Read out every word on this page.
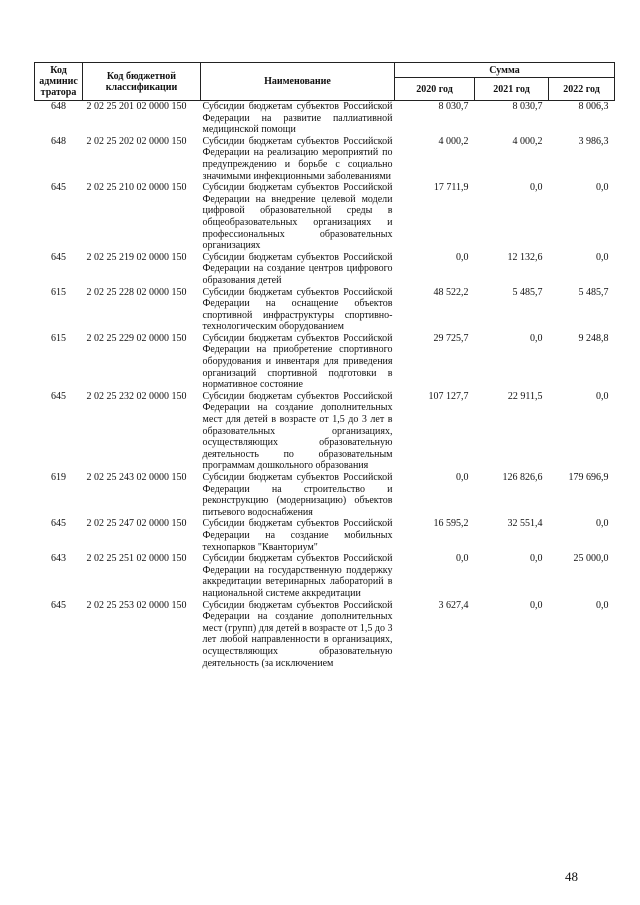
Код
админис
тратора	Код бюджетной классификации	Наименование	Сумма		
			2020 год	2021 год	2022 год
648	2 02 25 201 02 0000 150	Субсидии бюджетам субъектов Российской Федерации на развитие паллиативной медицинской помощи	8 030,7	8 030,7	8 006,3
648	2 02 25 202 02 0000 150	Субсидии бюджетам субъектов Российской Федерации на реализацию мероприятий по предупреждению и борьбе с социально значимыми инфекционными заболеваниями	4 000,2	4 000,2	3 986,3
645	2 02 25 210 02 0000 150	Субсидии бюджетам субъектов Российской Федерации на внедрение целевой модели цифровой образовательной среды в общеобразовательных организациях и профессиональных образовательных организациях	17 711,9	0,0	0,0
645	2 02 25 219 02 0000 150	Субсидии бюджетам субъектов Российской Федерации на создание центров цифрового образования детей	0,0	12 132,6	0,0
615	2 02 25 228 02 0000 150	Субсидии бюджетам субъектов Российской Федерации на оснащение объектов спортивной инфраструктуры спортивно-технологическим оборудованием	48 522,2	5 485,7	5 485,7
615	2 02 25 229 02 0000 150	Субсидии бюджетам субъектов Российской Федерации на приобретение спортивного оборудования и инвентаря для приведения организаций спортивной подготовки в нормативное состояние	29 725,7	0,0	9 248,8
645	2 02 25 232 02 0000 150	Субсидии бюджетам субъектов Российской Федерации на создание дополнительных мест для детей в возрасте от 1,5 до 3 лет в образовательных организациях, осуществляющих образовательную деятельность по образовательным программам дошкольного образования	107 127,7	22 911,5	0,0
619	2 02 25 243 02 0000 150	Субсидии бюджетам субъектов Российской Федерации на строительство и реконструкцию (модернизацию) объектов питьевого водоснабжения	0,0	126 826,6	179 696,9
645	2 02 25 247 02 0000 150	Субсидии бюджетам субъектов Российской Федерации на создание мобильных технопарков "Кванториум"	16 595,2	32 551,4	0,0
643	2 02 25 251 02 0000 150	Субсидии бюджетам субъектов Российской Федерации на государственную поддержку аккредитации ветеринарных лабораторий в национальной системе аккредитации	0,0	0,0	25 000,0
645	2 02 25 253 02 0000 150	Субсидии бюджетам субъектов Российской Федерации на создание дополнительных мест (групп) для детей в возрасте от 1,5 до 3 лет любой направленности в организациях, осуществляющих образовательную деятельность (за исключением	3 627,4	0,0	0,0
48
